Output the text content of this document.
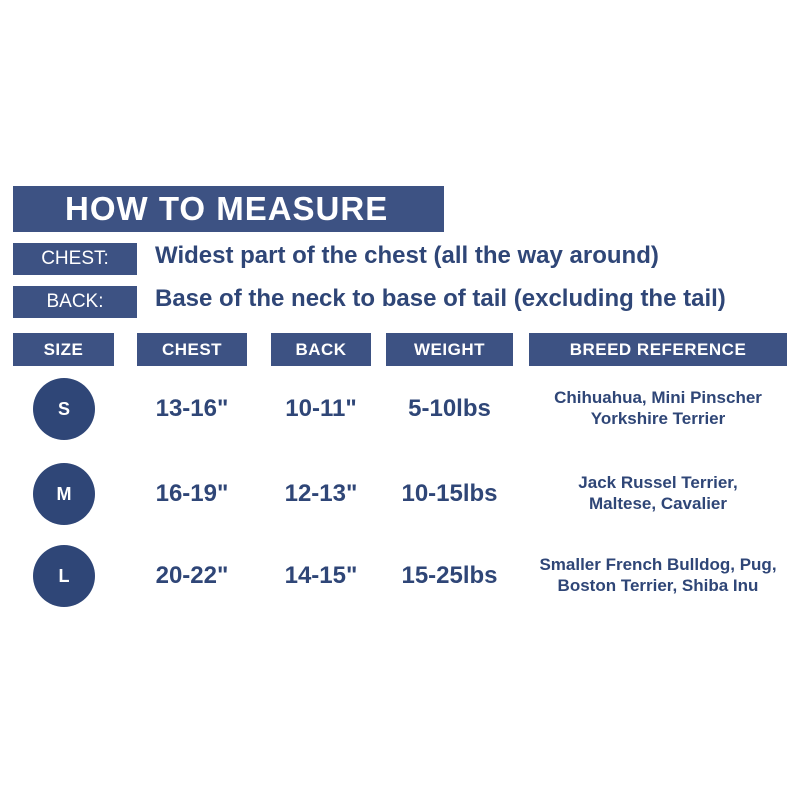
HOW TO MEASURE
CHEST:	Widest part of the chest (all the way around)
BACK:	Base of the neck to base of tail (excluding the tail)
SIZE	CHEST	BACK	WEIGHT	BREED REFERENCE
S	13-16"	10-11"	5-10lbs	Chihuahua, Mini Pinscher
Yorkshire Terrier
M	16-19"	12-13"	10-15lbs	Jack Russel Terrier,
Maltese, Cavalier
L	20-22"	14-15"	15-25lbs	Smaller French Bulldog, Pug,
Boston Terrier, Shiba Inu
